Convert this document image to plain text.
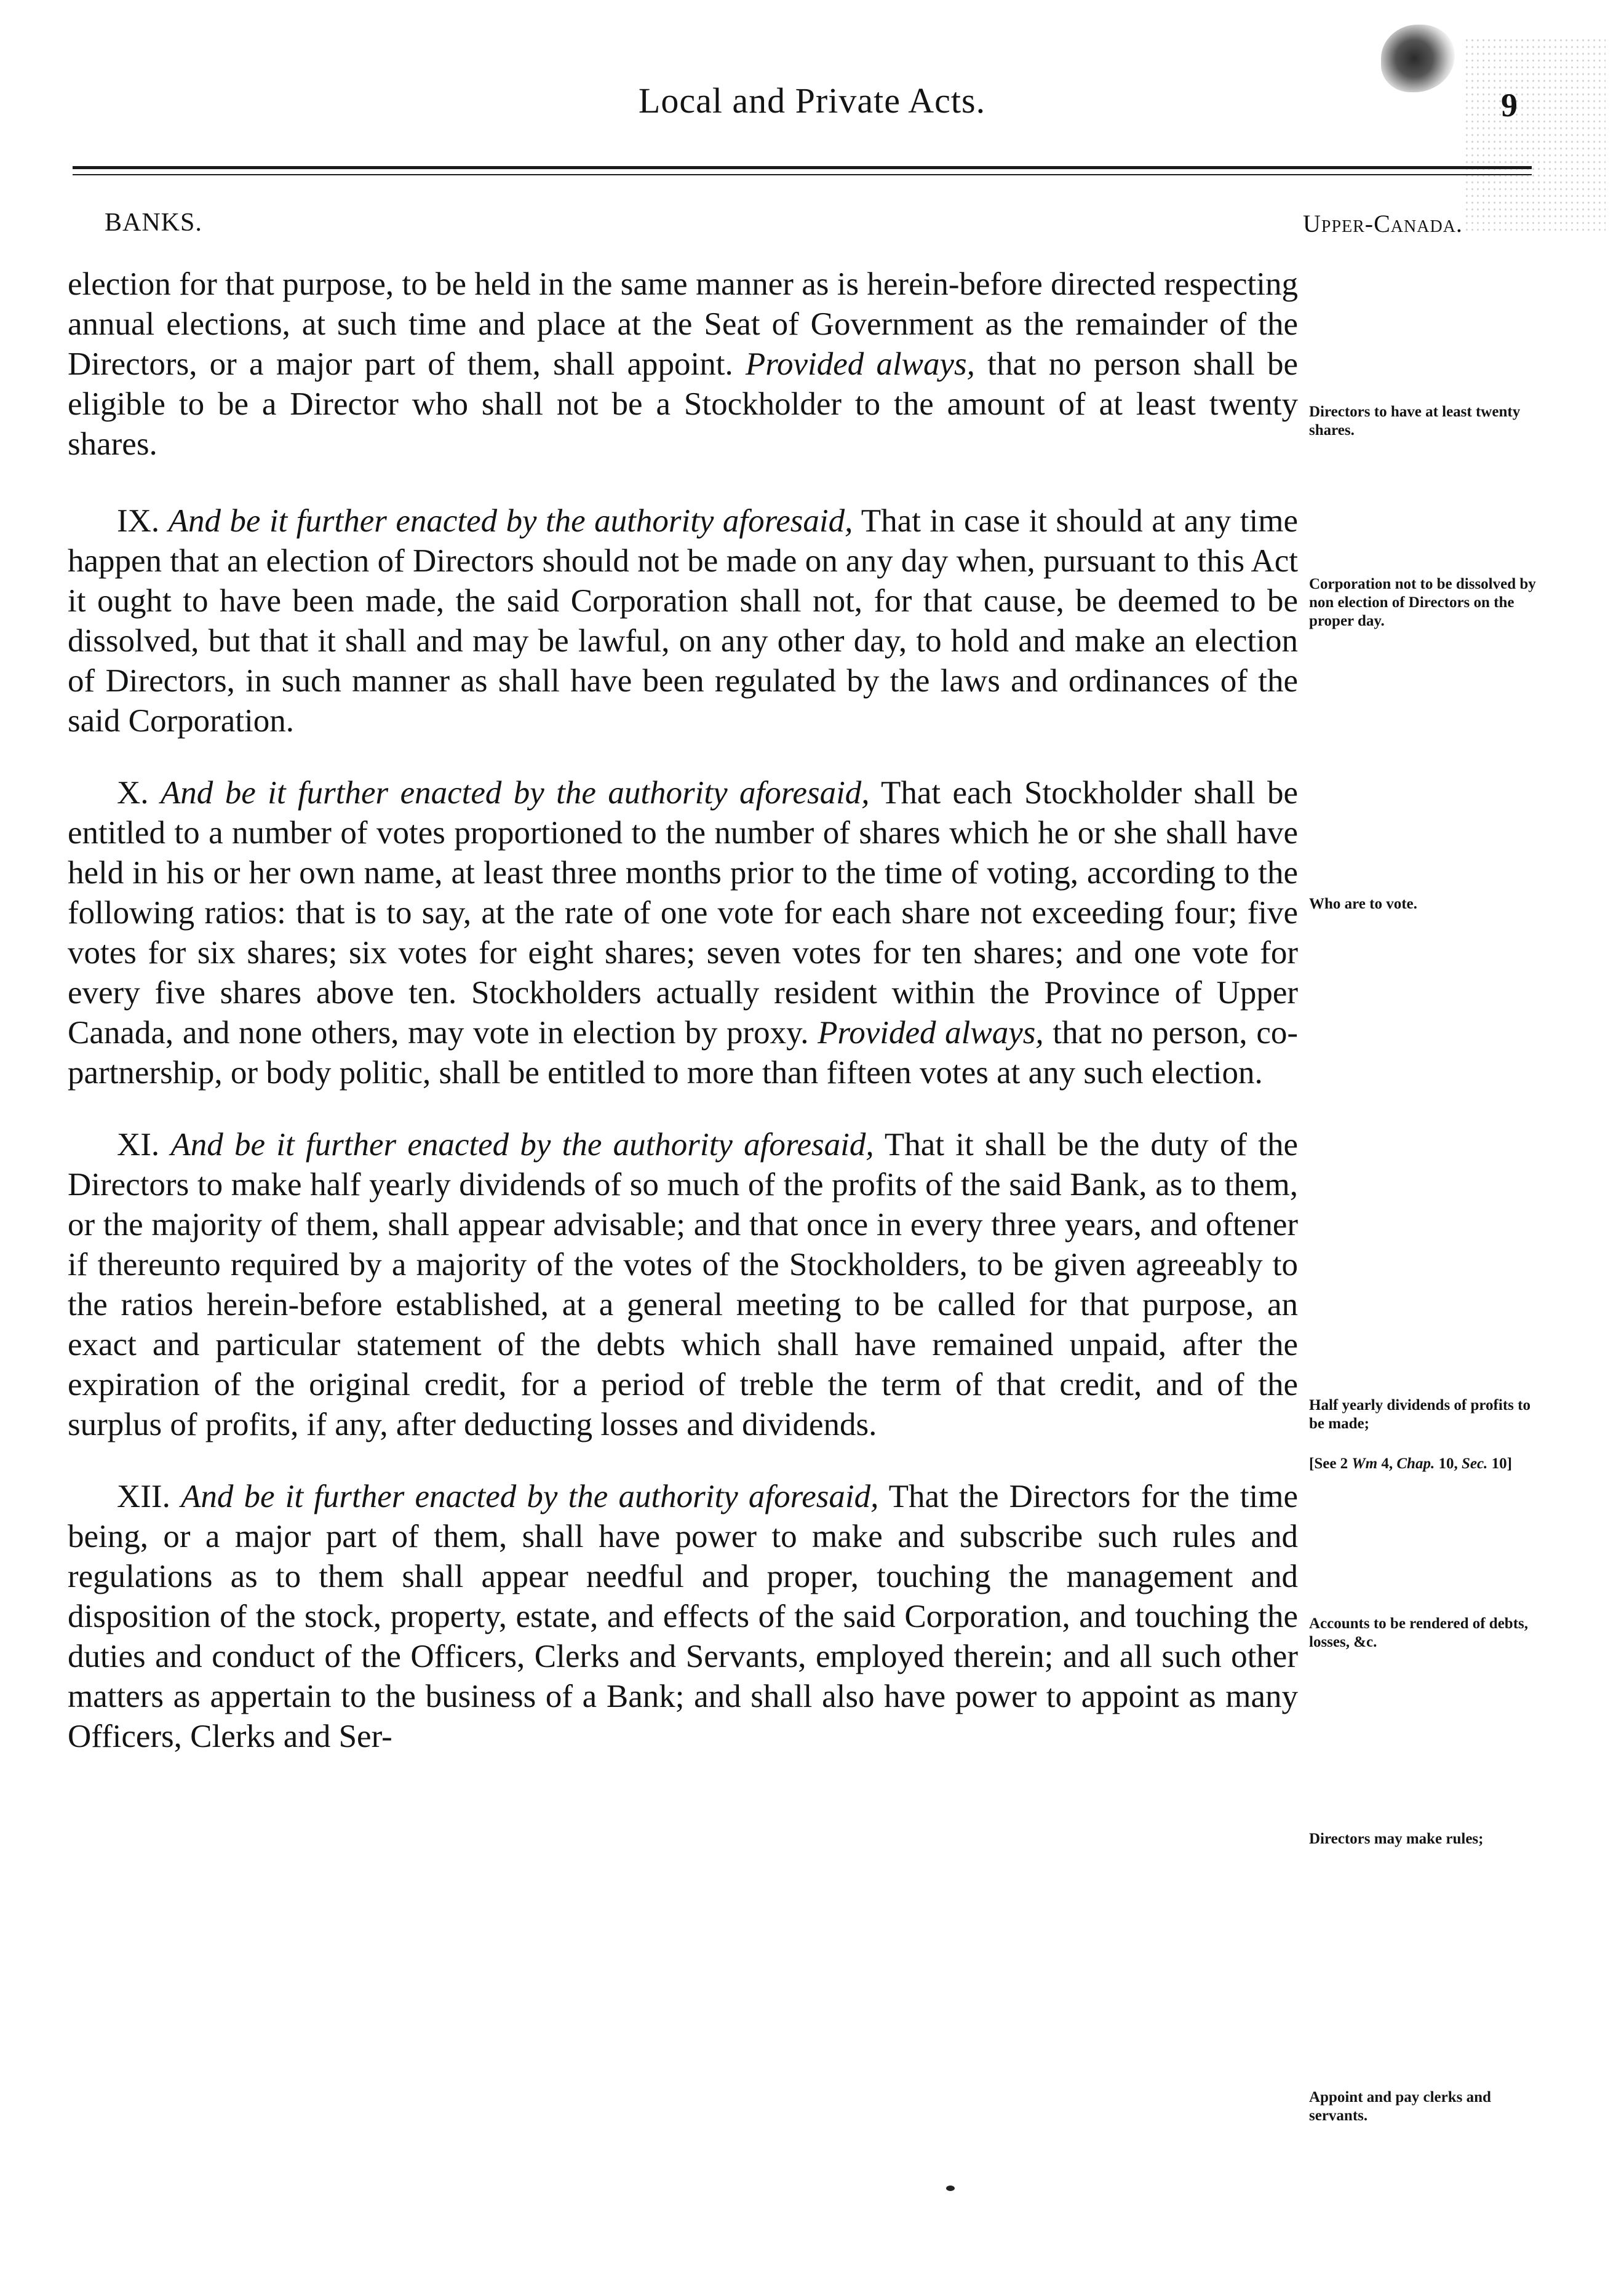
Local and Private Acts.	9
BANKS.	Upper-Canada.

election for that purpose, to be held in the same manner as is herein-before directed respecting annual elections, at such time and place at the Seat of Government as the remainder of the Directors, or a major part of them, shall appoint. Provided always, that no person shall be eligible to be a Director who shall not be a Stockholder to the amount of at least twenty shares.

IX. And be it further enacted by the authority aforesaid, That in case it should at any time happen that an election of Directors should not be made on any day when, pursuant to this Act it ought to have been made, the said Corporation shall not, for that cause, be deemed to be dissolved, but that it shall and may be lawful, on any other day, to hold and make an election of Directors, in such manner as shall have been regulated by the laws and ordinances of the said Corporation.

X. And be it further enacted by the authority aforesaid, That each Stockholder shall be entitled to a number of votes proportioned to the number of shares which he or she shall have held in his or her own name, at least three months prior to the time of voting, according to the following ratios: that is to say, at the rate of one vote for each share not exceeding four; five votes for six shares; six votes for eight shares; seven votes for ten shares; and one vote for every five shares above ten. Stockholders actually resident within the Province of Upper Canada, and none others, may vote in election by proxy. Provided always, that no person, co-partnership, or body politic, shall be entitled to more than fifteen votes at any such election.

XI. And be it further enacted by the authority aforesaid, That it shall be the duty of the Directors to make half yearly dividends of so much of the profits of the said Bank, as to them, or the majority of them, shall appear advisable; and that once in every three years, and oftener if thereunto required by a majority of the votes of the Stockholders, to be given agreeably to the ratios herein-before established, at a general meeting to be called for that purpose, an exact and particular statement of the debts which shall have remained unpaid, after the expiration of the original credit, for a period of treble the term of that credit, and of the surplus of profits, if any, after deducting losses and dividends.

XII. And be it further enacted by the authority aforesaid, That the Directors for the time being, or a major part of them, shall have power to make and subscribe such rules and regulations as to them shall appear needful and proper, touching the management and disposition of the stock, property, estate, and effects of the said Corporation, and touching the duties and conduct of the Officers, Clerks and Servants, employed therein; and all such other matters as appertain to the business of a Bank; and shall also have power to appoint as many Officers, Clerks and Ser-

Directors to have at least twenty shares.
Corporation not to be dissolved by non election of Directors on the proper day.
Who are to vote.
Half yearly dividends of profits to be made;
[See 2 Wm 4, Chap. 10, Sec. 10]
Accounts to be rendered of debts, losses, &c.
Directors may make rules;
Appoint and pay clerks and servants.
